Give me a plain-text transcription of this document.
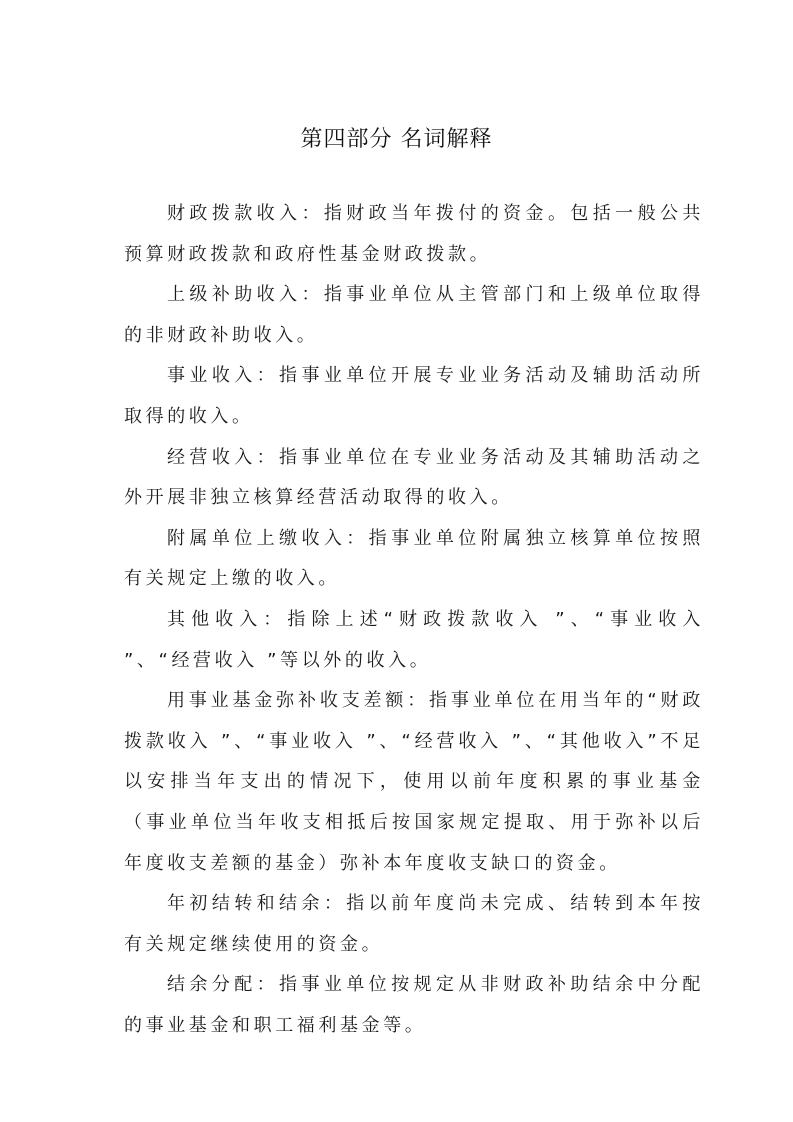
第四部分 名词解释

财政拨款收入：指财政当年拨付的资金。包括一般公共预算财政拨款和政府性基金财政拨款。

上级补助收入：指事业单位从主管部门和上级单位取得的非财政补助收入。

事业收入：指事业单位开展专业业务活动及辅助活动所取得的收入。

经营收入：指事业单位在专业业务活动及其辅助活动之外开展非独立核算经营活动取得的收入。

附属单位上缴收入：指事业单位附属独立核算单位按照有关规定上缴的收入。

其他收入：指除上述“财政拨款收入 ”、“事业收入 ”、“经营收入 ”等以外的收入。

用事业基金弥补收支差额：指事业单位在用当年的“财政拨款收入 ”、“事业收入 ”、“经营收入 ”、“其他收入”不足以安排当年支出的情况下，使用以前年度积累的事业基金（事业单位当年收支相抵后按国家规定提取、用于弥补以后年度收支差额的基金）弥补本年度收支缺口的资金。

年初结转和结余：指以前年度尚未完成、结转到本年按有关规定继续使用的资金。

结余分配：指事业单位按规定从非财政补助结余中分配的事业基金和职工福利基金等。
